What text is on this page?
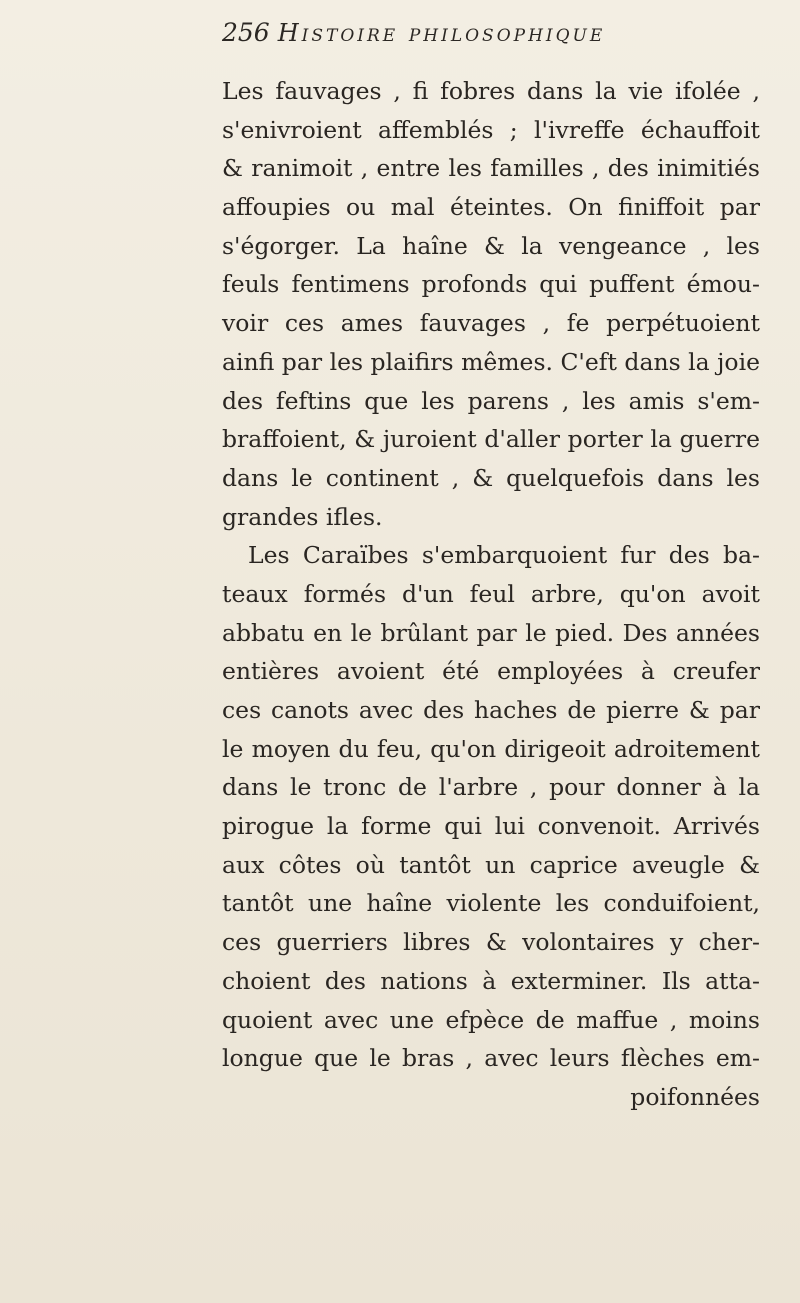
256 Histoire philosophique
Les fauvages , fi fobres dans la vie ifolée ,
s'enivroient affemblés ; l'ivreffe échauffoit
& ranimoit , entre les familles , des inimitiés
affoupies ou mal éteintes. On finiffoit par
s'égorger. La haîne & la vengeance , les
feuls fentimens profonds qui puffent émou-
voir ces ames fauvages , fe perpétuoient
ainfi par les plaifirs mêmes. C'eft dans la joie
des feftins que les parens , les amis s'em-
braffoient, & juroient d'aller porter la guerre
dans le continent , & quelquefois dans les
grandes ifles.
Les Caraïbes s'embarquoient fur des ba-
teaux formés d'un feul arbre, qu'on avoit
abbatu en le brûlant par le pied. Des années
entières avoient été employées à creufer
ces canots avec des haches de pierre & par
le moyen du feu, qu'on dirigeoit adroitement
dans le tronc de l'arbre , pour donner à la
pirogue la forme qui lui convenoit. Arrivés
aux côtes où tantôt un caprice aveugle &
tantôt une haîne violente les conduifoient,
ces guerriers libres & volontaires y cher-
choient des nations à exterminer. Ils atta-
quoient avec une efpèce de maffue , moins
longue que le bras , avec leurs flèches em-
poifonnées
